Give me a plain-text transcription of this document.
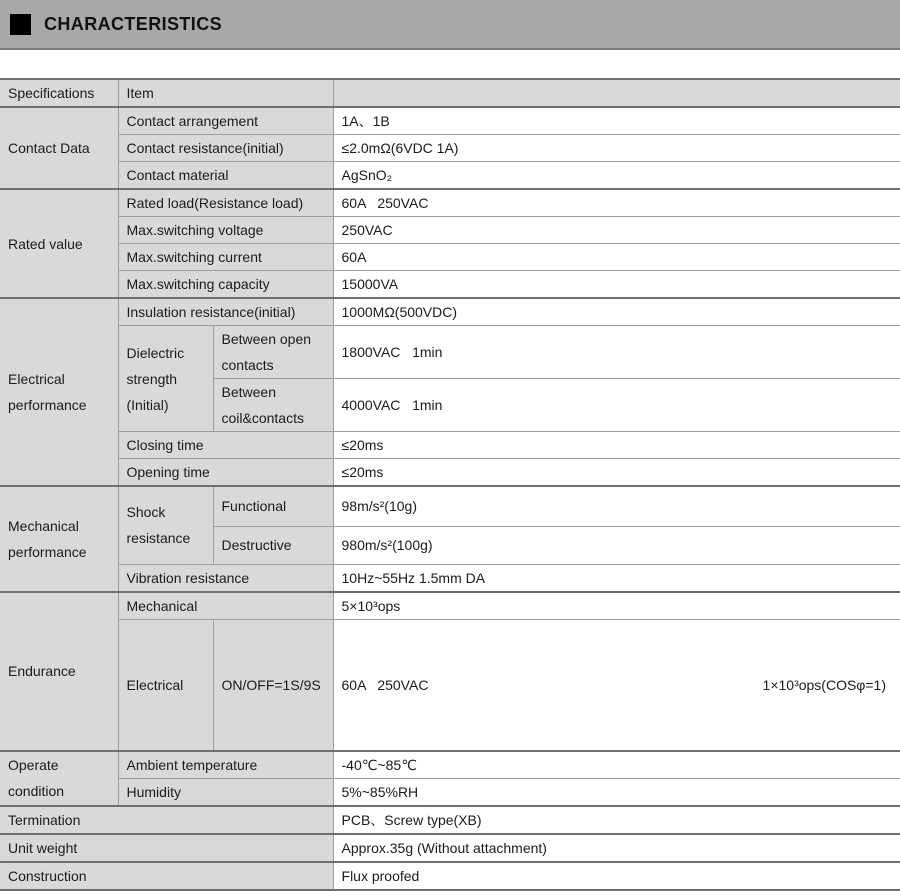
CHARACTERISTICS
Specifications	Item		
Contact Data	Contact arrangement		1A、1B
	Contact resistance(initial)		≤2.0mΩ(6VDC 1A)
	Contact material		AgSnO₂
Rated value	Rated load(Resistance load)		60A   250VAC
	Max.switching voltage		250VAC
	Max.switching current		60A
	Max.switching capacity		15000VA
Electrical performance	Insulation resistance(initial)		1000MΩ(500VDC)
	Dielectric strength (Initial)	Between open contacts	1800VAC   1min
		Between coil&contacts	4000VAC   1min
	Closing time		≤20ms
	Opening time		≤20ms
Mechanical performance	Shock resistance	Functional	98m/s²(10g)
		Destructive	980m/s²(100g)
	Vibration resistance		10Hz~55Hz 1.5mm DA
Endurance	Mechanical		5×10³ops
	Electrical	ON/OFF=1S/9S	60A   250VAC 1×10³ops(COSφ=1)

Operate condition	Ambient temperature		-40℃~85℃
	Humidity		5%~85%RH
Termination			PCB、Screw type(XB)
Unit weight			Approx.35g (Without attachment)
Construction			Flux proofed
